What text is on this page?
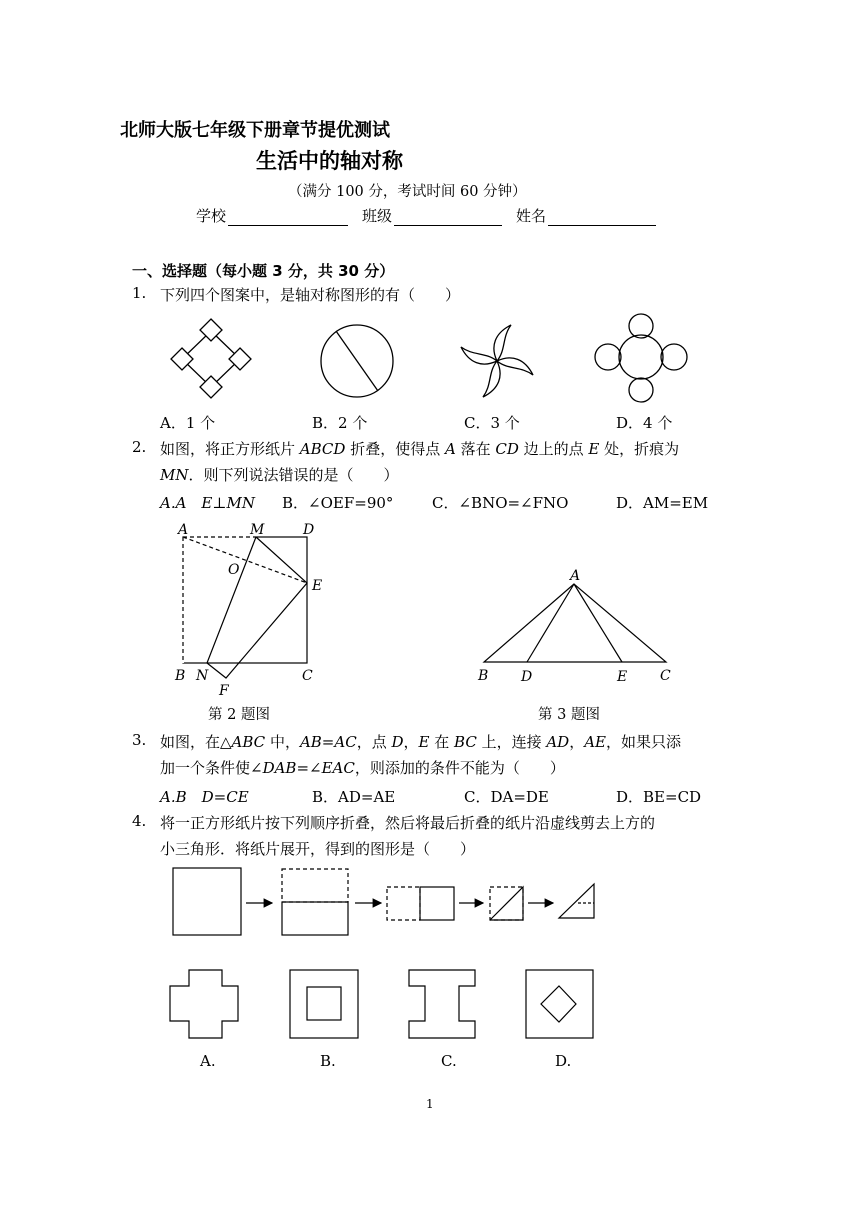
北师大版七年级下册章节提优测试
生活中的轴对称
（满分 100 分，考试时间 60 分钟）
学校	班级	姓名
一、选择题（每小题 3 分，共 30 分）
1. 下列四个图案中，是轴对称图形的有（　　）
A．1 个	B．2 个	C．3 个	D．4 个
2. 如图，将正方形纸片 ABCD 折叠，使得点 A 落在 CD 边上的点 E 处，折痕为
MN．则下列说法错误的是（　　）
A.A　E⊥MN B．∠OEF=90°	C．∠BNO=∠FNO	D．AM=EM
A	M	D
O
E
B N	C
F
第 2 题图
A
B D	E C
第 3 题图
3. 如图，在△ABC 中，AB=AC，点 D，E 在 BC 上，连接 AD，AE，如果只添
加一个条件使∠DAB=∠EAC，则添加的条件不能为（　　）
A.B　D=CE	B．AD=AE	C．DA=DE	D．BE=CD
4. 将一正方形纸片按下列顺序折叠，然后将最后折叠的纸片沿虚线剪去上方的
小三角形．将纸片展开，得到的图形是（　　）
A.	B.	C.	D.
1
